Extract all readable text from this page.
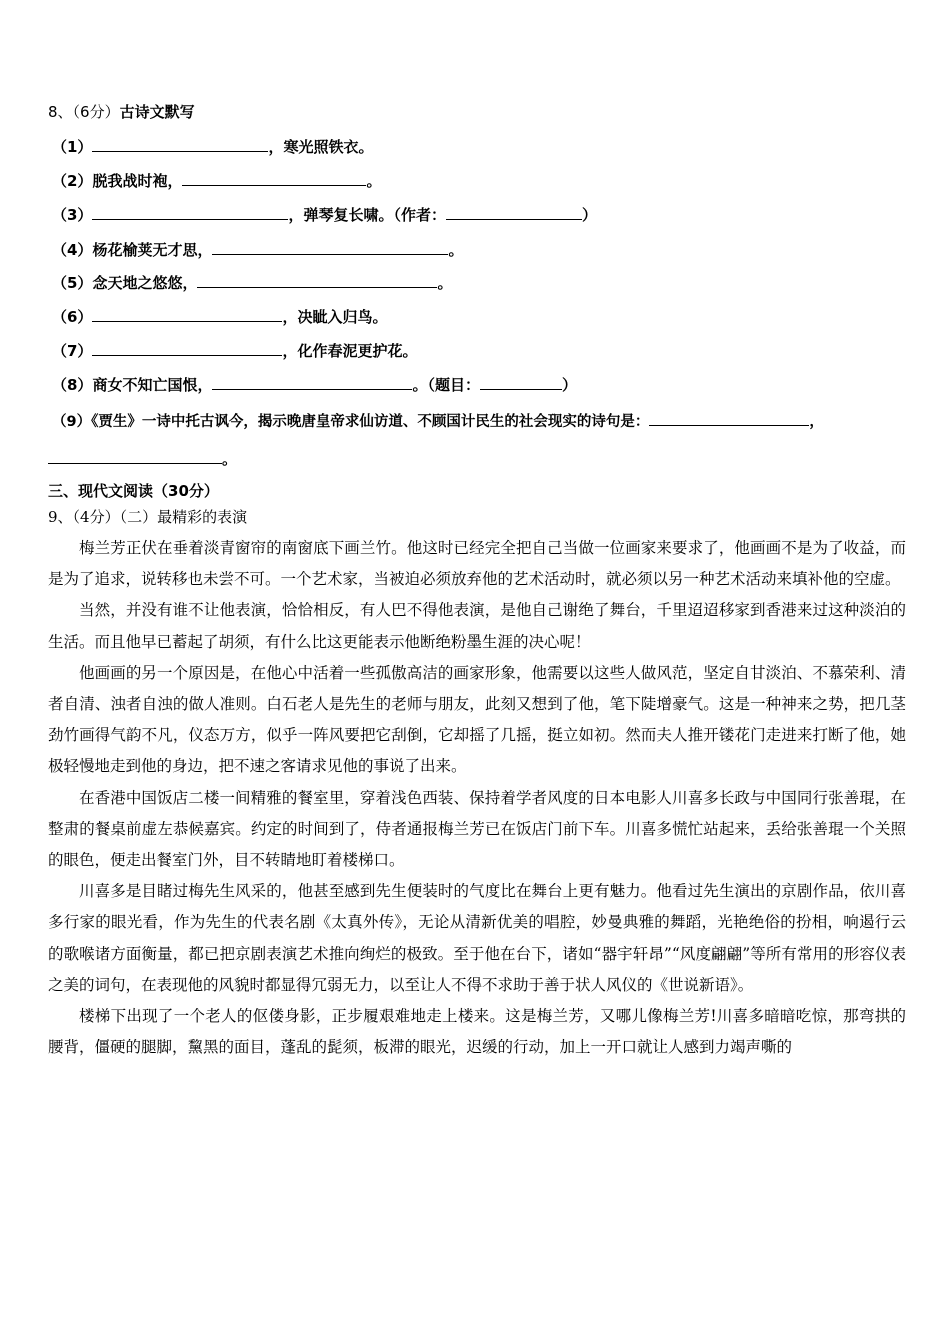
8、（6分）古诗文默写
（1）	，寒光照铁衣。
（2）脱我战时袍，	。
（3）	，弹琴复长啸。（作者：	）
（4）杨花榆荚无才思，	。
（5）念天地之悠悠，	。
（6）	，决眦入归鸟。
（7）	，化作春泥更护花。
（8）商女不知亡国恨，	。（题目：	）
（9）《贾生》一诗中托古讽今，揭示晚唐皇帝求仙访道、不顾国计民生的社会现实的诗句是：	，
。
三、现代文阅读（30分）
9、（4分）（二）最精彩的表演

梅兰芳正伏在垂着淡青窗帘的南窗底下画兰竹。他这时已经完全把自己当做一位画家来要求了，他画画不是为了收益，而是为了追求，说转移也未尝不可。一个艺术家，当被迫必须放弃他的艺术活动时，就必须以另一种艺术活动来填补他的空虚。

当然，并没有谁不让他表演，恰恰相反，有人巴不得他表演，是他自己谢绝了舞台，千里迢迢移家到香港来过这种淡泊的生活。而且他早已蓄起了胡须，有什么比这更能表示他断绝粉墨生涯的决心呢！

他画画的另一个原因是，在他心中活着一些孤傲高洁的画家形象，他需要以这些人做风范，坚定自甘淡泊、不慕荣利、清者自清、浊者自浊的做人准则。白石老人是先生的老师与朋友，此刻又想到了他，笔下陡增豪气。这是一种神来之势，把几茎劲竹画得气韵不凡，仪态万方，似乎一阵风要把它刮倒，它却摇了几摇，挺立如初。然而夫人推开镂花门走进来打断了他，她极轻慢地走到他的身边，把不速之客请求见他的事说了出来。

在香港中国饭店二楼一间精雅的餐室里，穿着浅色西装、保持着学者风度的日本电影人川喜多长政与中国同行张善琨，在整肃的餐桌前虚左恭候嘉宾。约定的时间到了，侍者通报梅兰芳已在饭店门前下车。川喜多慌忙站起来，丢给张善琨一个关照的眼色，便走出餐室门外，目不转睛地盯着楼梯口。

川喜多是目睹过梅先生风采的，他甚至感到先生便装时的气度比在舞台上更有魅力。他看过先生演出的京剧作品，依川喜多行家的眼光看，作为先生的代表名剧《太真外传》，无论从清新优美的唱腔，妙曼典雅的舞蹈，光艳绝俗的扮相，响遏行云的歌喉诸方面衡量，都已把京剧表演艺术推向绚烂的极致。至于他在台下，诸如“器宇轩昂”“风度翩翩”等所有常用的形容仪表之美的词句，在表现他的风貌时都显得冗弱无力，以至让人不得不求助于善于状人风仪的《世说新语》。

楼梯下出现了一个老人的伛偻身影，正步履艰难地走上楼来。这是梅兰芳，又哪儿像梅兰芳!川喜多暗暗吃惊，那弯拱的腰背，僵硬的腿脚，黧黑的面目，蓬乱的髭须，板滞的眼光，迟缓的行动，加上一开口就让人感到力竭声嘶的
